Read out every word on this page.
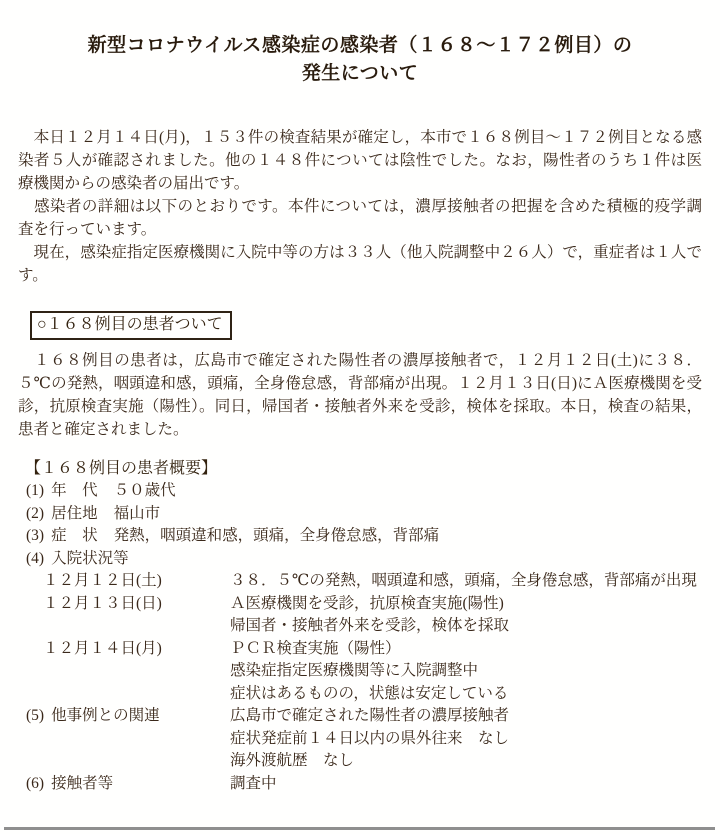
新型コロナウイルス感染症の感染者（１６８～１７２例目）の
発生について
　本日１２月１４日(月)，１５３件の検査結果が確定し，本市で１６８例目～１７２例目となる感
染者５人が確認されました。他の１４８件については陰性でした。なお，陽性者のうち１件は医
療機関からの感染者の届出です。
　感染者の詳細は以下のとおりです。本件については，濃厚接触者の把握を含めた積極的疫学調
査を行っています。
　現在，感染症指定医療機関に入院中等の方は３３人（他入院調整中２６人）で，重症者は１人で
す。
○１６８例目の患者ついて
　１６８例目の患者は，広島市で確定された陽性者の濃厚接触者で，１２月１２日(土)に３８．
５℃の発熱，咽頭違和感，頭痛，全身倦怠感，背部痛が出現。１２月１３日(日)にＡ医療機関を受
診，抗原検査実施（陽性）。同日，帰国者・接触者外来を受診，検体を採取。本日，検査の結果，
患者と確定されました。
【１６８例目の患者概要】
(1) 年　代 ５０歳代
(2) 居住地 福山市
(3) 症　状 発熱，咽頭違和感，頭痛，全身倦怠感，背部痛
(4) 入院状況等
１２月１２日(土)	３８．５℃の発熱，咽頭違和感，頭痛，全身倦怠感，背部痛が出現
１２月１３日(日)	Ａ医療機関を受診，抗原検査実施(陽性)
帰国者・接触者外来を受診，検体を採取
１２月１４日(月)	ＰＣＲ検査実施（陽性）
感染症指定医療機関等に入院調整中
症状はあるものの，状態は安定している
(5) 他事例との関連	広島市で確定された陽性者の濃厚接触者
症状発症前１４日以内の県外往来　なし
海外渡航歴　なし
(6) 接触者等	調査中
